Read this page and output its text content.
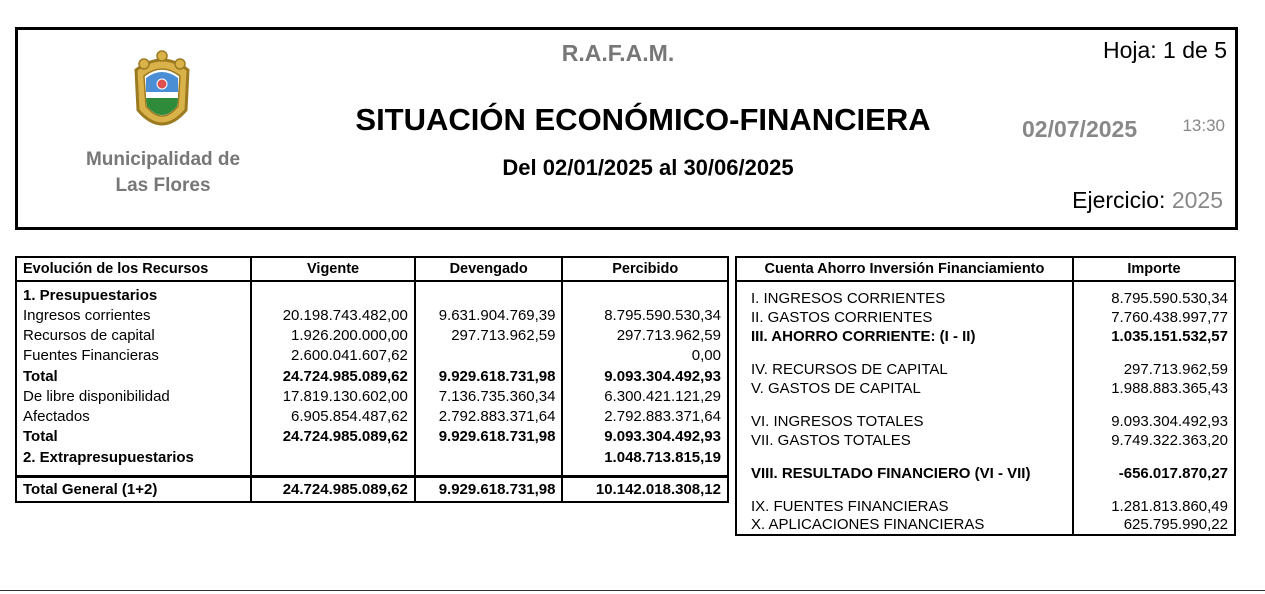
Municipalidad de
Las Flores
R.A.F.A.M.
SITUACIÓN ECONÓMICO-FINANCIERA
Del 02/01/2025 al 30/06/2025
Hoja: 1 de 5
02/07/2025	13:30
Ejercicio: 2025
Evolución de los Recursos	Vigente	Devengado	Percibido
1. Presupuestarios			
Ingresos corrientes	20.198.743.482,00	9.631.904.769,39	8.795.590.530,34
Recursos de capital	1.926.200.000,00	297.713.962,59	297.713.962,59
Fuentes Financieras	2.600.041.607,62		0,00
Total	24.724.985.089,62	9.929.618.731,98	9.093.304.492,93
De libre disponibilidad	17.819.130.602,00	7.136.735.360,34	6.300.421.121,29
Afectados	6.905.854.487,62	2.792.883.371,64	2.792.883.371,64
Total	24.724.985.089,62	9.929.618.731,98	9.093.304.492,93
2. Extrapresupuestarios			1.048.713.815,19

Total General (1+2)	24.724.985.089,62	9.929.618.731,98	10.142.018.308,12
Cuenta Ahorro Inversión Financiamiento	Importe

I. INGRESOS CORRIENTES	8.795.590.530,34
II. GASTOS CORRIENTES	7.760.438.997,77
III. AHORRO CORRIENTE: (I - II)	1.035.151.532,57

IV. RECURSOS DE CAPITAL	297.713.962,59
V. GASTOS DE CAPITAL	1.988.883.365,43

VI. INGRESOS TOTALES	9.093.304.492,93
VII. GASTOS TOTALES	9.749.322.363,20

VIII. RESULTADO FINANCIERO (VI - VII)	-656.017.870,27

IX. FUENTES FINANCIERAS	1.281.813.860,49
X. APLICACIONES FINANCIERAS	625.795.990,22
